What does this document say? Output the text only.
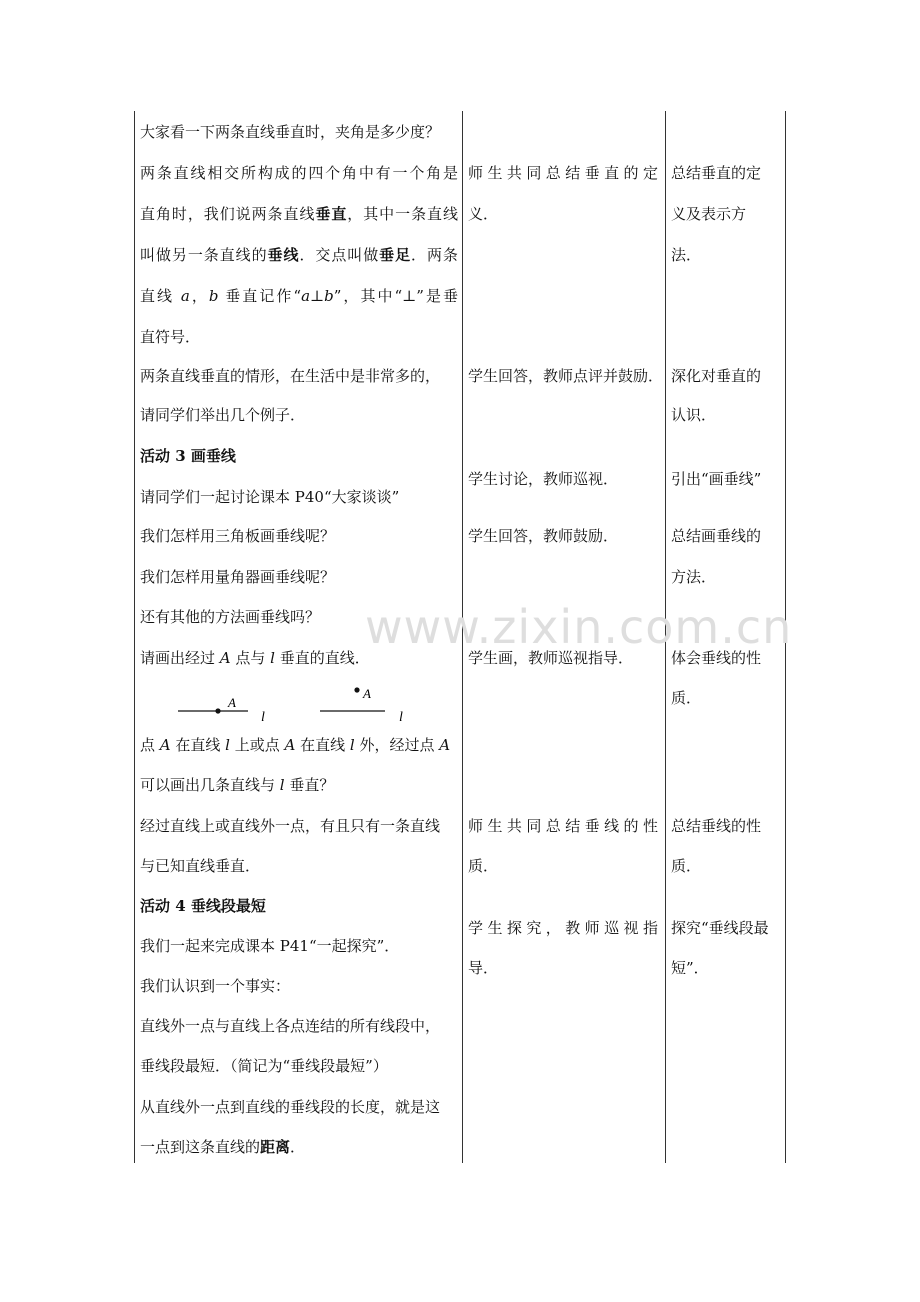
www.zixin.com.cn
大家看一下两条直线垂直时，夹角是多少度？
两条直线相交所构成的四个角中有一个角是
直角时，我们说两条直线垂直，其中一条直线
叫做另一条直线的垂线．交点叫做垂足．两条
直线 a，b 垂直记作“a⊥b”，其中“⊥”是垂
直符号．
两条直线垂直的情形，在生活中是非常多的，
请同学们举出几个例子．
活动 3 画垂线
请同学们一起讨论课本 P40“大家谈谈”
我们怎样用三角板画垂线呢？
我们怎样用量角器画垂线呢？
还有其他的方法画垂线吗？
请画出经过 A 点与 l 垂直的直线．
点 A 在直线 l 上或点 A 在直线 l 外，经过点 A
可以画出几条直线与 l 垂直？
经过直线上或直线外一点，有且只有一条直线
与已知直线垂直．
活动 4 垂线段最短
我们一起来完成课本 P41“一起探究”．
我们认识到一个事实：
直线外一点与直线上各点连结的所有线段中，
垂线段最短．（简记为“垂线段最短”）
从直线外一点到直线的垂线段的长度，就是这
一点到这条直线的距离．
A
l
A
l
师生共同总结垂直的定
义．
学生回答，教师点评并鼓励．
学生讨论，教师巡视．
学生回答，教师鼓励．
学生画，教师巡视指导．
师生共同总结垂线的性
质．
学生探究，教师巡视指
导．
总结垂直的定
义及表示方
法．
深化对垂直的
认识．
引出“画垂线”
总结画垂线的
方法．
体会垂线的性
质．
总结垂线的性
质．
探究“垂线段最
短”．
